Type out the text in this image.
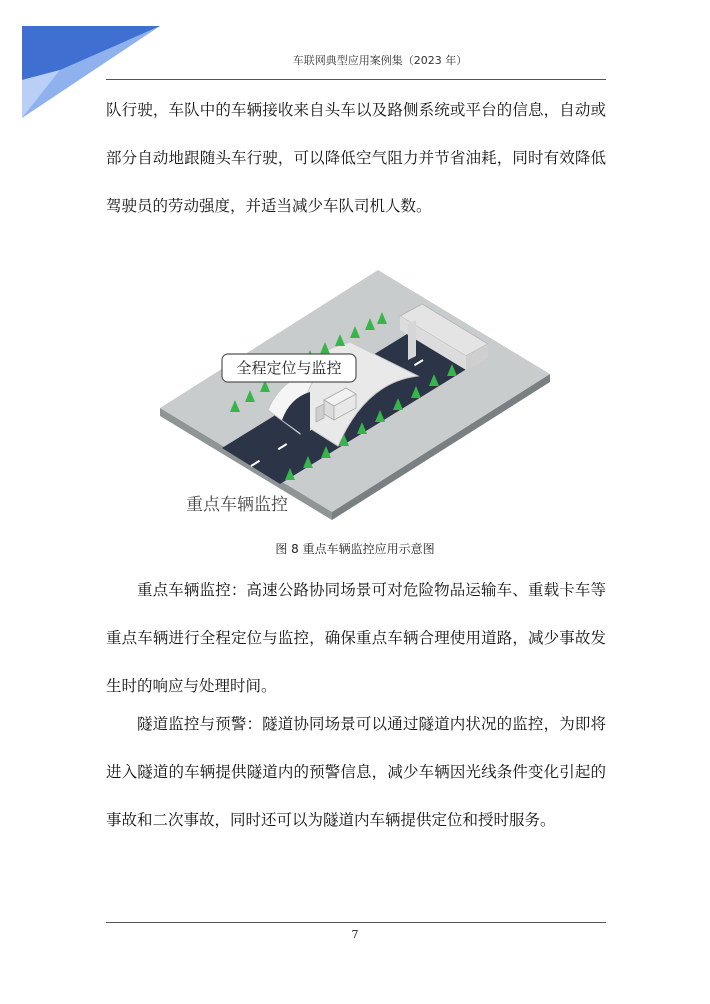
车联网典型应用案例集（2023 年）

队行驶，车队中的车辆接收来自头车以及路侧系统或平台的信息，自动或部分自动地跟随头车行驶，可以降低空气阻力并节省油耗，同时有效降低驾驶员的劳动强度，并适当减少车队司机人数。

全程定位与监控
重点车辆监控
图 8 重点车辆监控应用示意图

重点车辆监控：高速公路协同场景可对危险物品运输车、重载卡车等重点车辆进行全程定位与监控，确保重点车辆合理使用道路，减少事故发生时的响应与处理时间。

隧道监控与预警：隧道协同场景可以通过隧道内状况的监控，为即将进入隧道的车辆提供隧道内的预警信息，减少车辆因光线条件变化引起的事故和二次事故，同时还可以为隧道内车辆提供定位和授时服务。

7
